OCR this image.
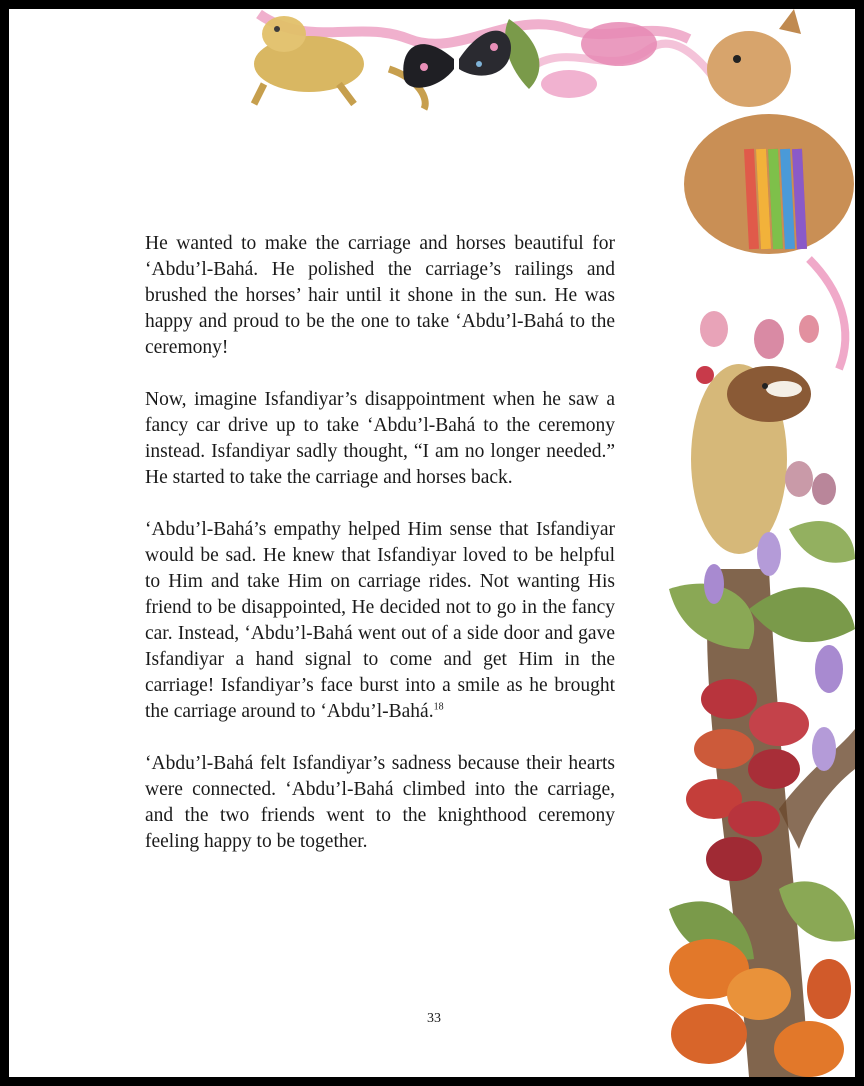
He wanted to make the carriage and horses beautiful for ‘Abdu’l-Bahá. He polished the carriage’s railings and brushed the horses’ hair until it shone in the sun. He was happy and proud to be the one to take ‘Abdu’l-Bahá to the ceremony!

Now, imagine Isfandiyar’s disappointment when he saw a fancy car drive up to take ‘Abdu’l-Bahá to the ceremony instead. Isfandiyar sadly thought, “I am no longer needed.” He started to take the carriage and horses back.

‘Abdu’l-Bahá’s empathy helped Him sense that Isfandiyar would be sad. He knew that Isfandiyar loved to be helpful to Him and take Him on carriage rides. Not wanting His friend to be disappointed, He decided not to go in the fancy car. Instead, ‘Abdu’l-Bahá went out of a side door and gave Isfandiyar a hand signal to come and get Him in the carriage! Isfandiyar’s face burst into a smile as he brought the carriage around to ‘Abdu’l-Bahá.$^{18}$

‘Abdu’l-Bahá felt Isfandiyar’s sadness because their hearts were connected. ‘Abdu’l-Bahá climbed into the carriage, and the two friends went to the knighthood ceremony feeling happy to be together.

33
